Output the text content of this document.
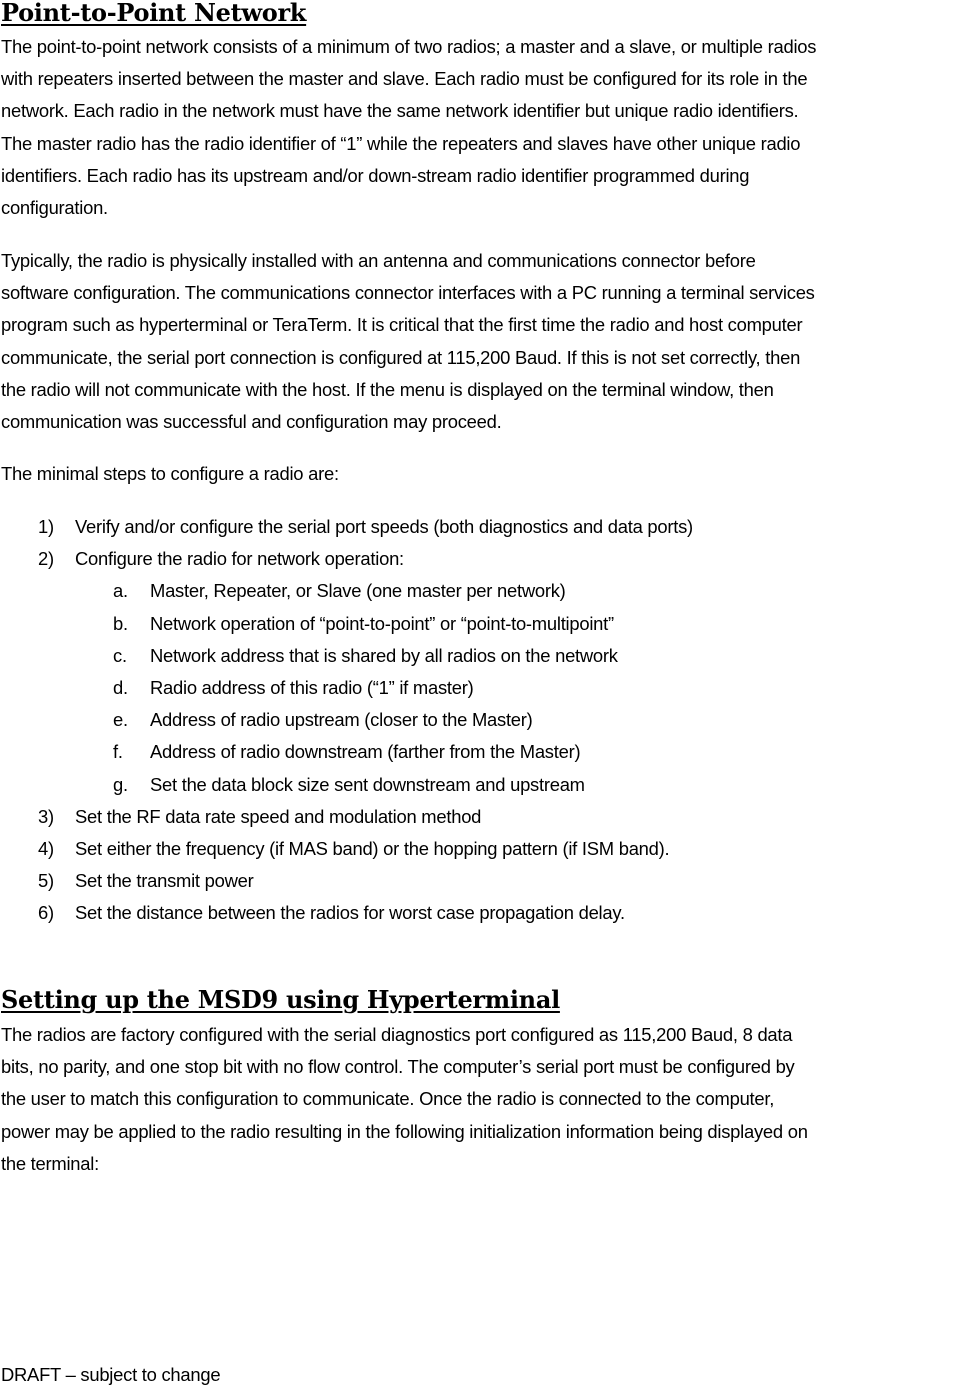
Point-to-Point Network
The point-to-point network consists of a minimum of two radios; a master and a slave, or multiple radios
with repeaters inserted between the master and slave. Each radio must be configured for its role in the
network. Each radio in the network must have the same network identifier but unique radio identifiers.
The master radio has the radio identifier of “1” while the repeaters and slaves have other unique radio
identifiers. Each radio has its upstream and/or down-stream radio identifier programmed during
configuration.
Typically, the radio is physically installed with an antenna and communications connector before
software configuration. The communications connector interfaces with a PC running a terminal services
program such as hyperterminal or TeraTerm. It is critical that the first time the radio and host computer
communicate, the serial port connection is configured at 115,200 Baud. If this is not set correctly, then
the radio will not communicate with the host. If the menu is displayed on the terminal window, then
communication was successful and configuration may proceed.
The minimal steps to configure a radio are:
1) Verify and/or configure the serial port speeds (both diagnostics and data ports)
2) Configure the radio for network operation:
a. Master, Repeater, or Slave (one master per network)
b. Network operation of “point-to-point” or “point-to-multipoint”
c. Network address that is shared by all radios on the network
d. Radio address of this radio (“1” if master)
e. Address of radio upstream (closer to the Master)
f. Address of radio downstream (farther from the Master)
g. Set the data block size sent downstream and upstream
3) Set the RF data rate speed and modulation method
4) Set either the frequency (if MAS band) or the hopping pattern (if ISM band).
5) Set the transmit power
6) Set the distance between the radios for worst case propagation delay.
Setting up the MSD9 using Hyperterminal
The radios are factory configured with the serial diagnostics port configured as 115,200 Baud, 8 data
bits, no parity, and one stop bit with no flow control. The computer’s serial port must be configured by
the user to match this configuration to communicate. Once the radio is connected to the computer,
power may be applied to the radio resulting in the following initialization information being displayed on
the terminal:

DRAFT – subject to change
